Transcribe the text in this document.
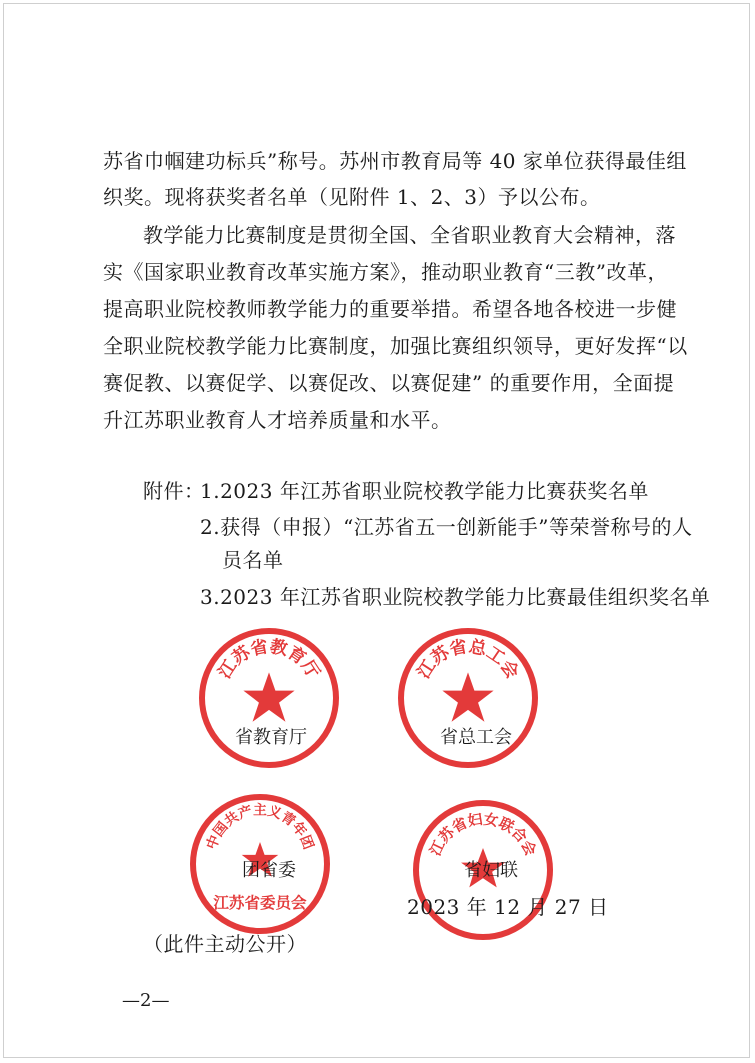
苏省巾帼建功标兵”称号。苏州市教育局等 40 家单位获得最佳组
织奖。现将获奖者名单（见附件 1、2、3）予以公布。
教学能力比赛制度是贯彻全国、全省职业教育大会精神，落
实《国家职业教育改革实施方案》，推动职业教育“三教”改革，
提高职业院校教师教学能力的重要举措。希望各地各校进一步健
全职业院校教学能力比赛制度，加强比赛组织领导，更好发挥“以
赛促教、以赛促学、以赛促改、以赛促建” 的重要作用，全面提
升江苏职业教育人才培养质量和水平。
附件：
1.2023 年江苏省职业院校教学能力比赛获奖名单
2.获得（申报）“江苏省五一创新能手”等荣誉称号的人
员名单
3.2023 年江苏省职业院校教学能力比赛最佳组织奖名单
江苏省教育厅
省教育厅
江苏省总工会
省总工会
中国共产主义青年团
江苏省委员会
团省委
江苏省妇女联合会
省妇联
2023 年 12 月 27 日
（此件主动公开）
—2—
